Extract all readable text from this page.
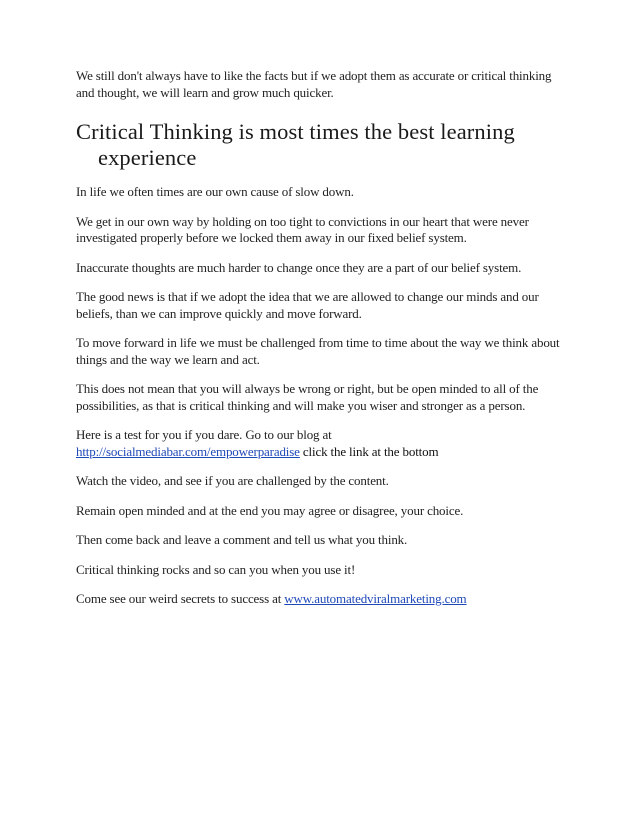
We still don't always have to like the facts but if we adopt them as accurate or critical thinking and thought, we will learn and grow much quicker.

Critical Thinking is most times the best learning experience

In life we often times are our own cause of slow down.

We get in our own way by holding on too tight to convictions in our heart that were never investigated properly before we locked them away in our fixed belief system.

Inaccurate thoughts are much harder to change once they are a part of our belief system.

The good news is that if we adopt the idea that we are allowed to change our minds and our beliefs, than we can improve quickly and move forward.

To move forward in life we must be challenged from time to time about the way we think about things and the way we learn and act.

This does not mean that you will always be wrong or right, but be open minded to all of the possibilities, as that is critical thinking and will make you wiser and stronger as a person.

Here is a test for you if you dare. Go to our blog at
http://socialmediabar.com/empowerparadise click the link at the bottom

Watch the video, and see if you are challenged by the content.

Remain open minded and at the end you may agree or disagree, your choice.

Then come back and leave a comment and tell us what you think.

Critical thinking rocks and so can you when you use it!

Come see our weird secrets to success at www.automatedviralmarketing.com
